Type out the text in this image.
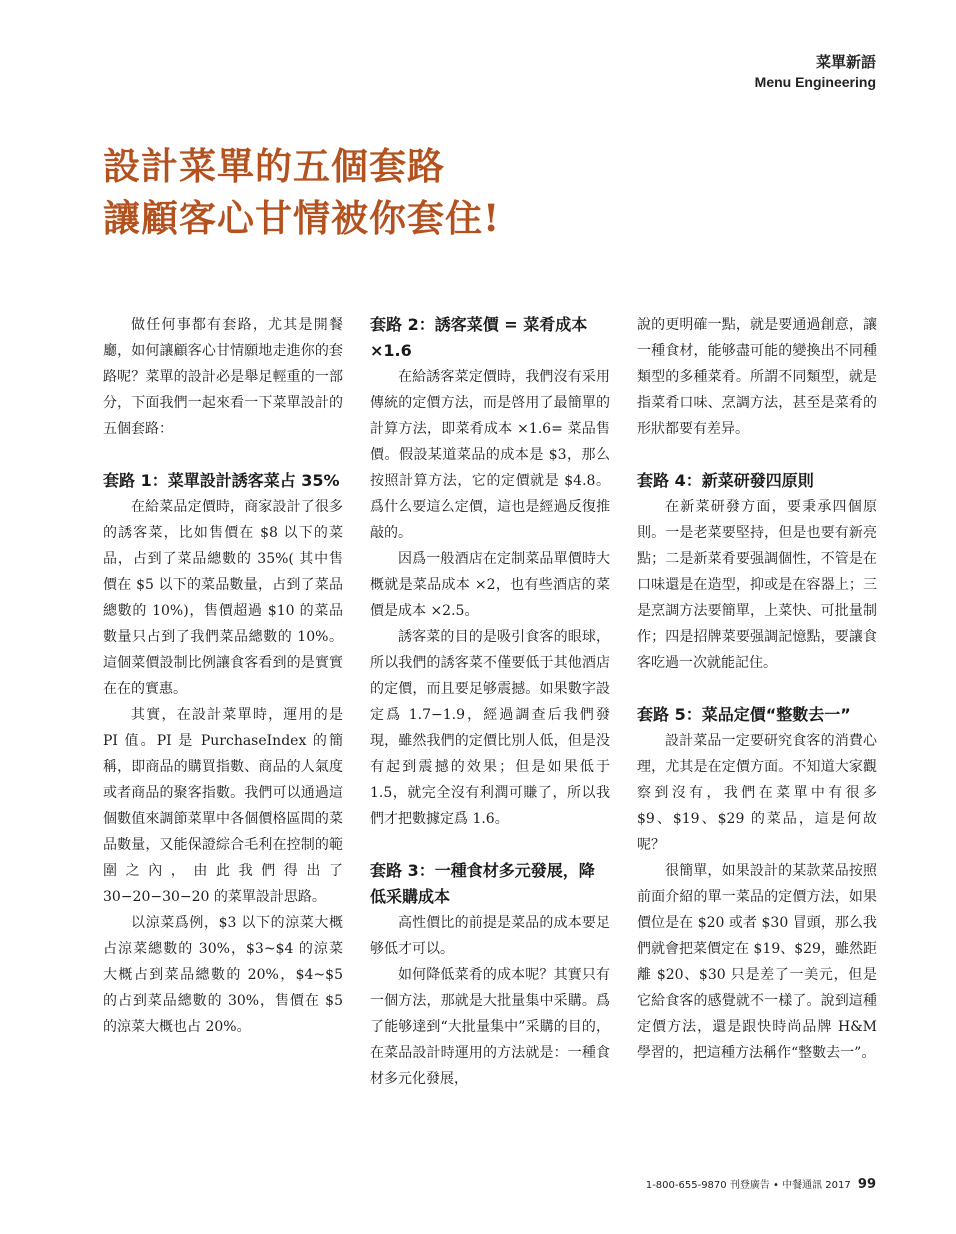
菜單新語
Menu Engineering
設計菜單的五個套路
讓顧客心甘情被你套住!

做任何事都有套路，尤其是開餐廳，如何讓顧客心甘情願地走進你的套路呢？菜單的設計必是舉足輕重的一部分，下面我們一起來看一下菜單設計的五個套路：

套路 1：菜單設計誘客菜占 35%

在給菜品定價時，商家設計了很多的誘客菜，比如售價在 $8 以下的菜品，占到了菜品總數的 35%( 其中售價在 $5 以下的菜品數量，占到了菜品總數的 10%)，售價超過 $10 的菜品數量只占到了我們菜品總數的 10%。這個菜價設制比例讓食客看到的是實實在在的實惠。

其實，在設計菜單時，運用的是 PI 值。PI 是 PurchaseIndex 的簡稱，即商品的購買指數、商品的人氣度或者商品的聚客指數。我們可以通過這個數值來調節菜單中各個價格區間的菜品數量，又能保證綜合毛利在控制的範圍之內，由此我們得出了 30−20−30−20 的菜單設計思路。

以涼菜爲例，$3 以下的涼菜大概占涼菜總數的 30%，$3~$4 的涼菜大概占到菜品總數的 20%，$4~$5 的占到菜品總數的 30%，售價在 $5 的涼菜大概也占 20%。

套路 2：誘客菜價 = 菜肴成本 ×1.6

在給誘客菜定價時，我們沒有采用傳統的定價方法，而是啓用了最簡單的計算方法，即菜肴成本 ×1.6= 菜品售價。假設某道菜品的成本是 $3，那么按照計算方法，它的定價就是 $4.8。爲什么要這么定價，這也是經過反復推敲的。

因爲一般酒店在定制菜品單價時大概就是菜品成本 ×2，也有些酒店的菜價是成本 ×2.5。

誘客菜的目的是吸引食客的眼球，所以我們的誘客菜不僅要低于其他酒店的定價，而且要足够震撼。如果數字設定爲 1.7−1.9，經過調查后我們發現，雖然我們的定價比別人低，但是没有起到震撼的效果；但是如果低于 1.5，就完全沒有利潤可賺了，所以我們才把數據定爲 1.6。

套路 3：一種食材多元發展，降低采購成本

高性價比的前提是菜品的成本要足够低才可以。

如何降低菜肴的成本呢？其實只有一個方法，那就是大批量集中采購。爲了能够達到“大批量集中”采購的目的，在菜品設計時運用的方法就是：一種食材多元化發展，

說的更明確一點，就是要通過創意，讓一種食材，能够盡可能的變換出不同種類型的多種菜肴。所謂不同類型，就是指菜肴口味、烹調方法，甚至是菜肴的形狀都要有差异。

套路 4：新菜研發四原則

在新菜研發方面，要秉承四個原則。一是老菜要堅持，但是也要有新亮點；二是新菜肴要强調個性，不管是在口味還是在造型，抑或是在容器上；三是烹調方法要簡單，上菜快、可批量制作；四是招牌菜要强調記憶點，要讓食客吃過一次就能記住。

套路 5：菜品定價“整數去一”

設計菜品一定要研究食客的消費心理，尤其是在定價方面。不知道大家觀察到沒有，我們在菜單中有很多 $9、$19、$29 的菜品，這是何故呢？

很簡單，如果設計的某款菜品按照前面介紹的單一菜品的定價方法，如果價位是在 $20 或者 $30 冒頭，那么我們就會把菜價定在 $19、$29，雖然距離 $20、$30 只是差了一美元，但是它給食客的感覺就不一樣了。說到這種定價方法，還是跟快時尚品牌 H&M 學習的，把這種方法稱作“整數去一”。

1-800-655-9870 刊登廣告 • 中餐通訊 2017 99
